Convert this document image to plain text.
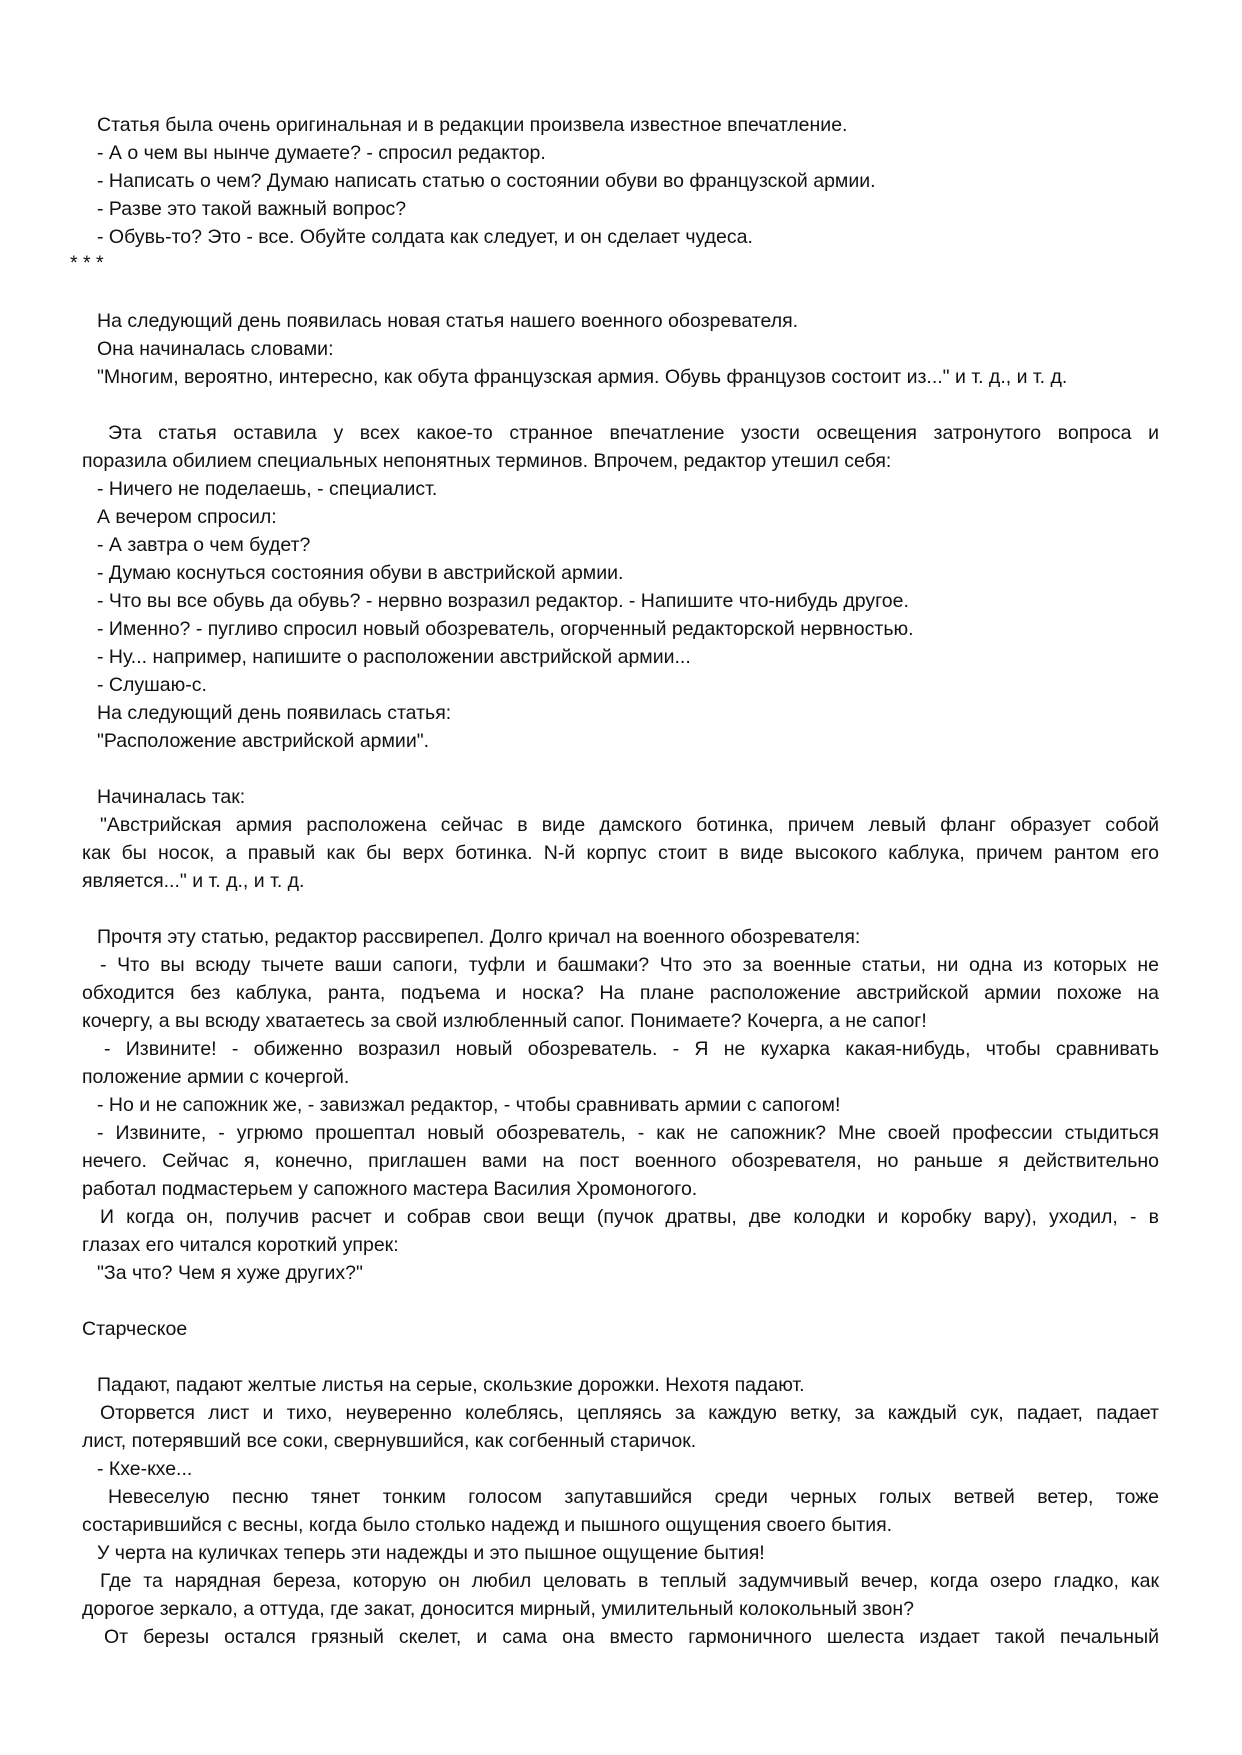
Статья была очень оригинальная и в редакции произвела известное впечатление.
- А о чем вы нынче думаете? - спросил редактор.
- Написать о чем? Думаю написать статью о состоянии обуви во французской армии.
- Разве это такой важный вопрос?
- Обувь-то? Это - все. Обуйте солдата как следует, и он сделает чудеса.
* * *
На следующий день появилась новая статья нашего военного обозревателя.
Она начиналась словами:
"Многим, вероятно, интересно, как обута французская армия. Обувь французов состоит из..." и т. д., и т. д.
Эта статья оставила у всех какое-то странное впечатление узости освещения затронутого вопроса и
поразила обилием специальных непонятных терминов. Впрочем, редактор утешил себя:
- Ничего не поделаешь, - специалист.
А вечером спросил:
- А завтра о чем будет?
- Думаю коснуться состояния обуви в австрийской армии.
- Что вы все обувь да обувь? - нервно возразил редактор. - Напишите что-нибудь другое.
- Именно? - пугливо спросил новый обозреватель, огорченный редакторской нервностью.
- Ну... например, напишите о расположении австрийской армии...
- Слушаю-с.
На следующий день появилась статья:
"Расположение австрийской армии".
Начиналась так:
"Австрийская армия расположена сейчас в виде дамского ботинка, причем левый фланг образует собой
как бы носок, а правый как бы верх ботинка. N-й корпус стоит в виде высокого каблука, причем рантом его
является..." и т. д., и т. д.
Прочтя эту статью, редактор рассвирепел. Долго кричал на военного обозревателя:
- Что вы всюду тычете ваши сапоги, туфли и башмаки? Что это за военные статьи, ни одна из которых не
обходится без каблука, ранта, подъема и носка? На плане расположение австрийской армии похоже на
кочергу, а вы всюду хватаетесь за свой излюбленный сапог. Понимаете? Кочерга, а не сапог!
- Извините! - обиженно возразил новый обозреватель. - Я не кухарка какая-нибудь, чтобы сравнивать
положение армии с кочергой.
- Но и не сапожник же, - завизжал редактор, - чтобы сравнивать армии с сапогом!
- Извините, - угрюмо прошептал новый обозреватель, - как не сапожник? Мне своей профессии стыдиться
нечего. Сейчас я, конечно, приглашен вами на пост военного обозревателя, но раньше я действительно
работал подмастерьем у сапожного мастера Василия Хромоногого.
И когда он, получив расчет и собрав свои вещи (пучок дратвы, две колодки и коробку вару), уходил, - в
глазах его читался короткий упрек:
"За что? Чем я хуже других?"
Старческое
Падают, падают желтые листья на серые, скользкие дорожки. Нехотя падают.
Оторвется лист и тихо, неуверенно колеблясь, цепляясь за каждую ветку, за каждый сук, падает, падает
лист, потерявший все соки, свернувшийся, как согбенный старичок.
- Кхе-кхе...
Невеселую песню тянет тонким голосом запутавшийся среди черных голых ветвей ветер, тоже
состарившийся с весны, когда было столько надежд и пышного ощущения своего бытия.
У черта на куличках теперь эти надежды и это пышное ощущение бытия!
Где та нарядная береза, которую он любил целовать в теплый задумчивый вечер, когда озеро гладко, как
дорогое зеркало, а оттуда, где закат, доносится мирный, умилительный колокольный звон?
От березы остался грязный скелет, и сама она вместо гармоничного шелеста издает такой печальный
